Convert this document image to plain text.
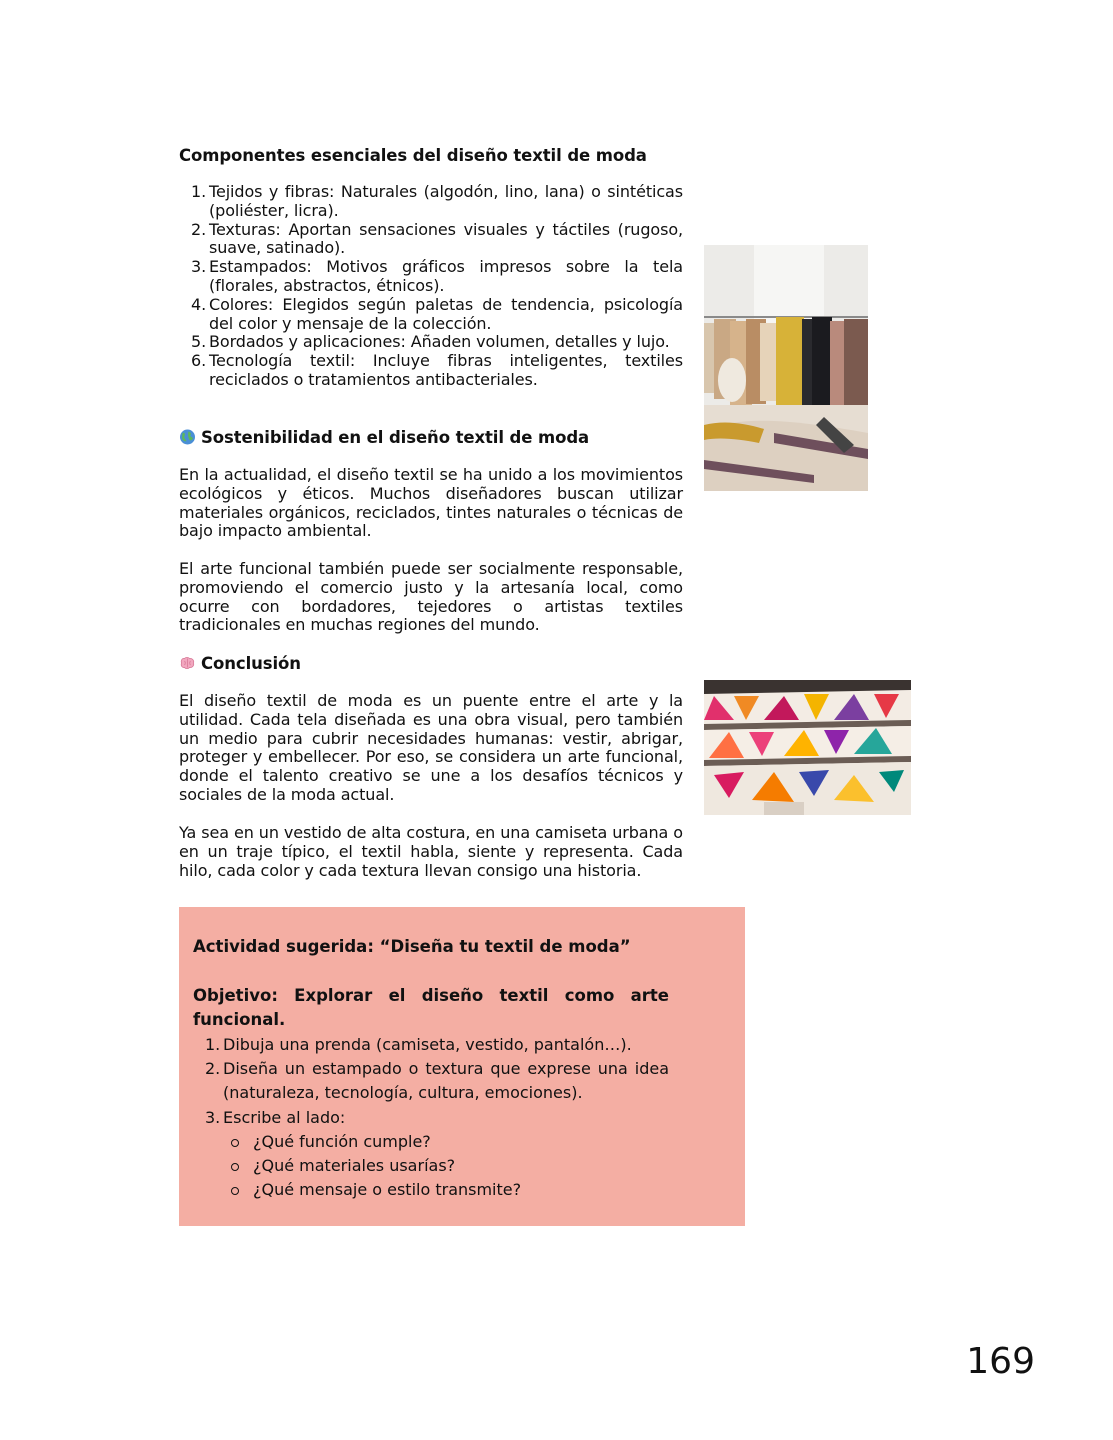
Componentes esenciales del diseño textil de moda
1. Tejidos y fibras: Naturales (algodón, lino, lana) o sintéticas (poliéster, licra).
2. Texturas: Aportan sensaciones visuales y táctiles (rugoso, suave, satinado).
3. Estampados: Motivos gráficos impresos sobre la tela (florales, abstractos, étnicos).
4. Colores: Elegidos según paletas de tendencia, psicología del color y mensaje de la colección.
5. Bordados y aplicaciones: Añaden volumen, detalles y lujo.
6. Tecnología textil: Incluye fibras inteligentes, textiles reciclados o tratamientos antibacteriales.
Sostenibilidad en el diseño textil de moda

En la actualidad, el diseño textil se ha unido a los movimientos ecológicos y éticos. Muchos diseñadores buscan utilizar materiales orgánicos, reciclados, tintes naturales o técnicas de bajo impacto ambiental.

El arte funcional también puede ser socialmente responsable, promoviendo el comercio justo y la artesanía local, como ocurre con bordadores, tejedores o artistas textiles tradicionales en muchas regiones del mundo.

Conclusión

El diseño textil de moda es un puente entre el arte y la utilidad. Cada tela diseñada es una obra visual, pero también un medio para cubrir necesidades humanas: vestir, abrigar, proteger y embellecer. Por eso, se considera un arte funcional, donde el talento creativo se une a los desafíos técnicos y sociales de la moda actual.

Ya sea en un vestido de alta costura, en una camiseta urbana o en un traje típico, el textil habla, siente y representa. Cada hilo, cada color y cada textura llevan consigo una historia.

Actividad sugerida: “Diseña tu textil de moda”

Objetivo: Explorar el diseño textil como arte funcional.

1. Dibuja una prenda (camiseta, vestido, pantalón…).
2. Diseña un estampado o textura que exprese una idea (naturaleza, tecnología, cultura, emociones).
3. Escribe al lado:
¿Qué función cumple?
¿Qué materiales usarías?
¿Qué mensaje o estilo transmite?
169
